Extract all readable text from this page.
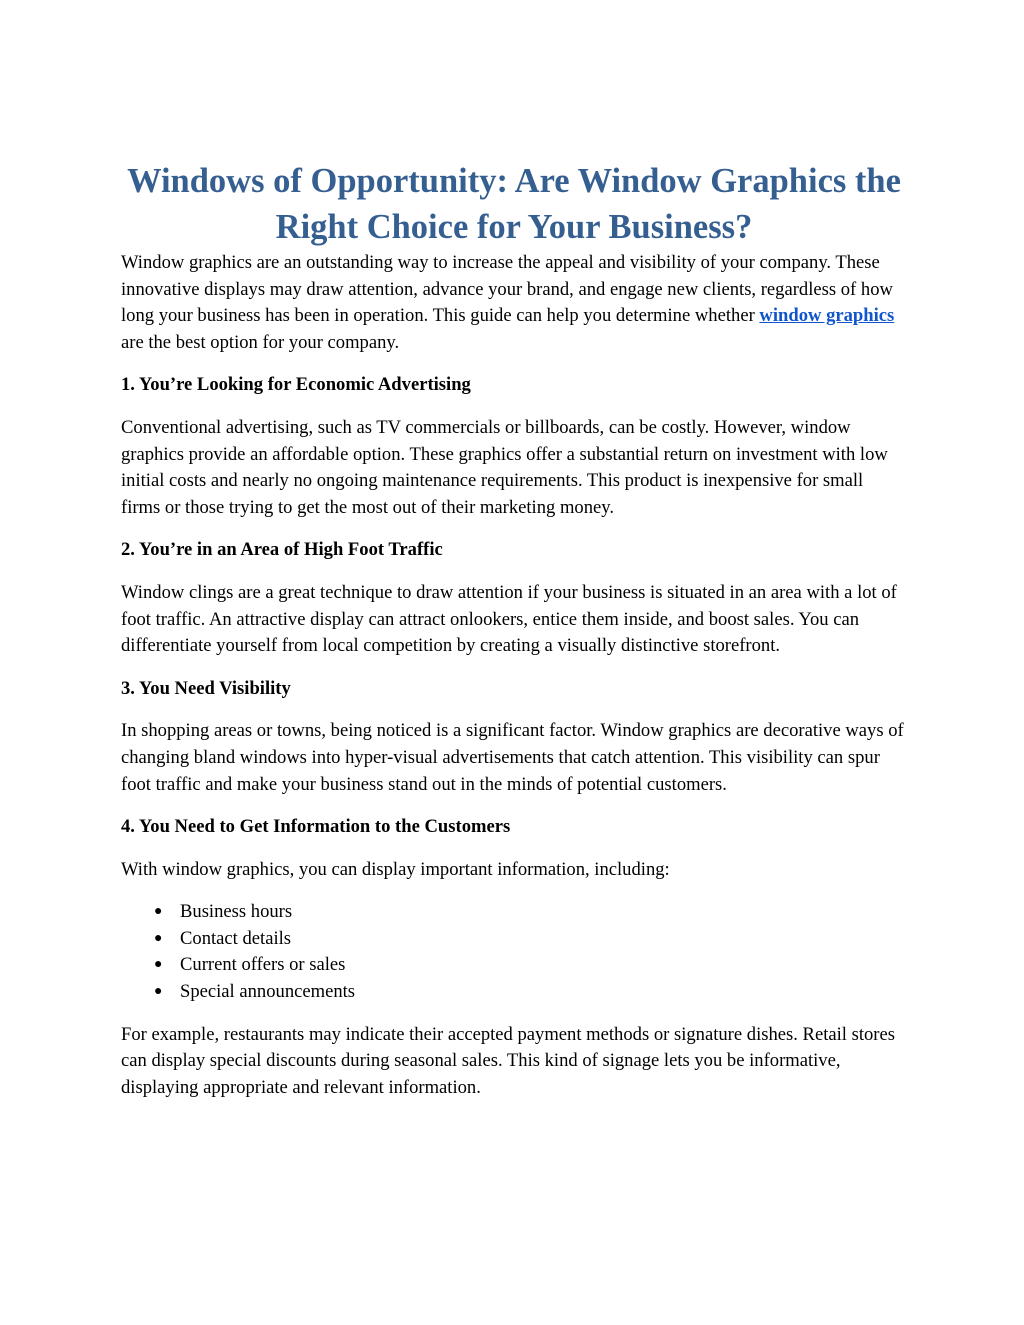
Windows of Opportunity: Are Window Graphics the Right Choice for Your Business?

Window graphics are an outstanding way to increase the appeal and visibility of your company. These innovative displays may draw attention, advance your brand, and engage new clients, regardless of how long your business has been in operation. This guide can help you determine whether window graphics are the best option for your company.

1. You’re Looking for Economic Advertising

Conventional advertising, such as TV commercials or billboards, can be costly. However, window graphics provide an affordable option. These graphics offer a substantial return on investment with low initial costs and nearly no ongoing maintenance requirements. This product is inexpensive for small firms or those trying to get the most out of their marketing money.

2. You’re in an Area of High Foot Traffic

Window clings are a great technique to draw attention if your business is situated in an area with a lot of foot traffic. An attractive display can attract onlookers, entice them inside, and boost sales. You can differentiate yourself from local competition by creating a visually distinctive storefront.

3. You Need Visibility

In shopping areas or towns, being noticed is a significant factor. Window graphics are decorative ways of changing bland windows into hyper-visual advertisements that catch attention. This visibility can spur foot traffic and make your business stand out in the minds of potential customers.

4. You Need to Get Information to the Customers

With window graphics, you can display important information, including:

● Business hours
● Contact details
● Current offers or sales
● Special announcements

For example, restaurants may indicate their accepted payment methods or signature dishes. Retail stores can display special discounts during seasonal sales. This kind of signage lets you be informative, displaying appropriate and relevant information.
